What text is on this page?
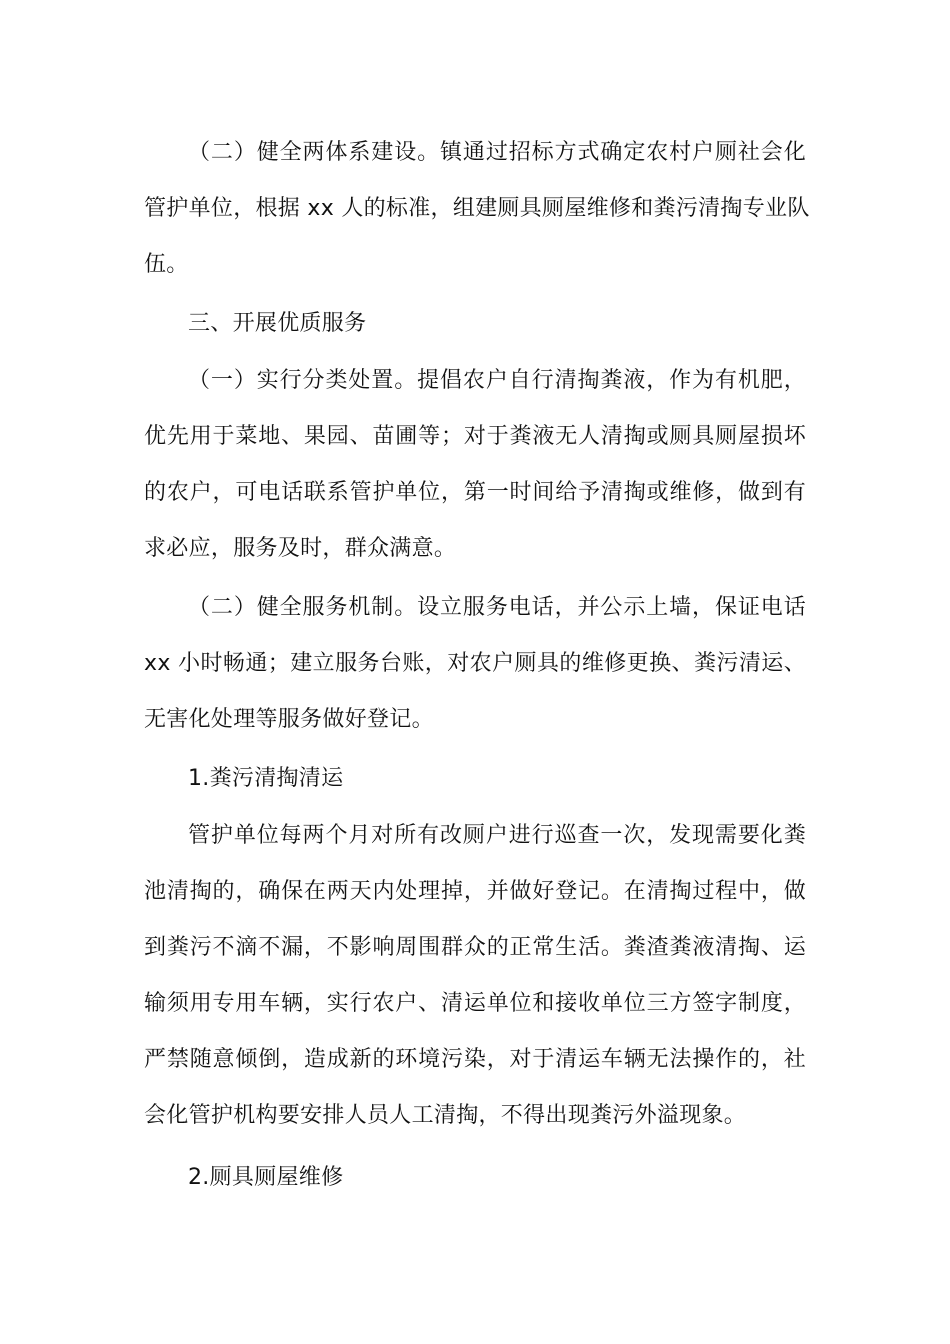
（二）健全两体系建设。镇通过招标方式确定农村户厕社会化
管护单位，根据 xx 人的标准，组建厕具厕屋维修和粪污清掏专业队
伍。
三、开展优质服务
（一）实行分类处置。提倡农户自行清掏粪液，作为有机肥，
优先用于菜地、果园、苗圃等；对于粪液无人清掏或厕具厕屋损坏
的农户，可电话联系管护单位，第一时间给予清掏或维修，做到有
求必应，服务及时，群众满意。
（二）健全服务机制。设立服务电话，并公示上墙，保证电话
xx 小时畅通；建立服务台账，对农户厕具的维修更换、粪污清运、
无害化处理等服务做好登记。
1.粪污清掏清运
管护单位每两个月对所有改厕户进行巡查一次，发现需要化粪
池清掏的，确保在两天内处理掉，并做好登记。在清掏过程中，做
到粪污不滴不漏，不影响周围群众的正常生活。粪渣粪液清掏、运
输须用专用车辆，实行农户、清运单位和接收单位三方签字制度，
严禁随意倾倒，造成新的环境污染，对于清运车辆无法操作的，社
会化管护机构要安排人员人工清掏，不得出现粪污外溢现象。
2.厕具厕屋维修
